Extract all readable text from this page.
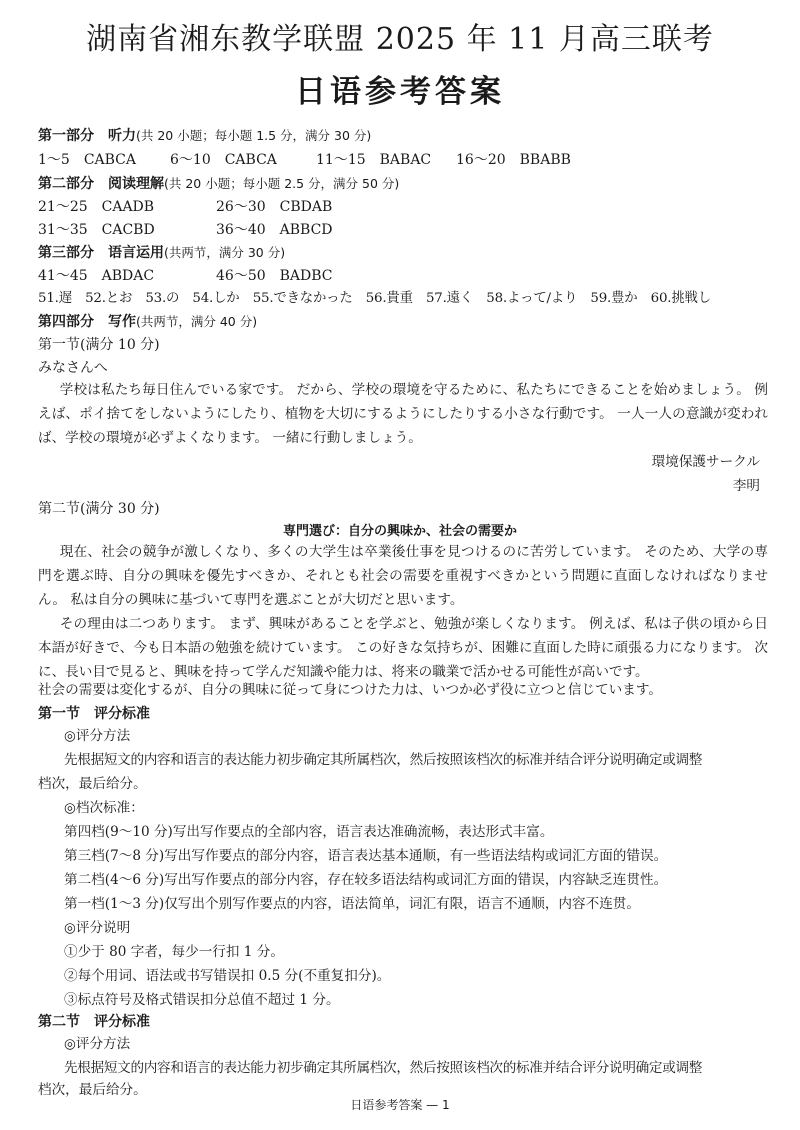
湖南省湘东教学联盟 2025 年 11 月高三联考
日语参考答案
第一部分　听力(共 20 小题；每小题 1.5 分，满分 30 分)
1～5　CABCA 6～10　CABCA	11～15　BABAC 16～20　BBABB
第二部分　阅读理解(共 20 小题；每小题 2.5 分，满分 50 分)
21～25　CAADB	26～30　CBDAB
31～35　CACBD	36～40　ABBCD
第三部分　语言运用(共两节，满分 30 分)
41～45　ABDAC	46～50　BADBC
51.遅　52.とお　53.の　54.しか　55.できなかった　56.貴重　57.遠く　58.よって/より　59.豊か　60.挑戦し
第四部分　写作(共两节，满分 40 分)
第一节(满分 10 分)
みなさんへ
学校は私たち毎日住んでいる家です。 だから、学校の環境を守るために、私たちにできることを始めましょう。 例えば、ポイ捨てをしないようにしたり、植物を大切にするようにしたりする小さな行動です。 一人一人の意識が変われば、学校の環境が必ずよくなります。 一緒に行動しましょう。
環境保護サークル
李明
第二节(满分 30 分)
専門選び：自分の興味か、社会の需要か
現在、社会の競争が激しくなり、多くの大学生は卒業後仕事を見つけるのに苦労しています。 そのため、大学の専門を選ぶ時、自分の興味を優先すべきか、それとも社会の需要を重視すべきかという問題に直面しなければなりません。 私は自分の興味に基づいて専門を選ぶことが大切だと思います。
その理由は二つあります。 まず、興味があることを学ぶと、勉強が楽しくなります。 例えば、私は子供の頃から日本語が好きで、今も日本語の勉強を続けています。 この好きな気持ちが、困難に直面した時に頑張る力になります。 次に、長い目で見ると、興味を持って学んだ知識や能力は、将来の職業で活かせる可能性が高いです。
社会の需要は変化するが、自分の興味に従って身につけた力は、いつか必ず役に立つと信じています。
第一节　评分标准
◎评分方法
先根据短文的内容和语言的表达能力初步确定其所属档次，然后按照该档次的标准并结合评分说明确定或调整
档次，最后给分。
◎档次标准：
第四档(9～10 分)写出写作要点的全部内容，语言表达准确流畅，表达形式丰富。
第三档(7～8 分)写出写作要点的部分内容，语言表达基本通顺，有一些语法结构或词汇方面的错误。
第二档(4～6 分)写出写作要点的部分内容，存在较多语法结构或词汇方面的错误，内容缺乏连贯性。
第一档(1～3 分)仅写出个别写作要点的内容，语法简单，词汇有限，语言不通顺，内容不连贯。
◎评分说明
①少于 80 字者，每少一行扣 1 分。
②每个用词、语法或书写错误扣 0.5 分(不重复扣分)。
③标点符号及格式错误扣分总值不超过 1 分。
第二节　评分标准
◎评分方法
先根据短文的内容和语言的表达能力初步确定其所属档次，然后按照该档次的标准并结合评分说明确定或调整
档次，最后给分。
日语参考答案 — 1
